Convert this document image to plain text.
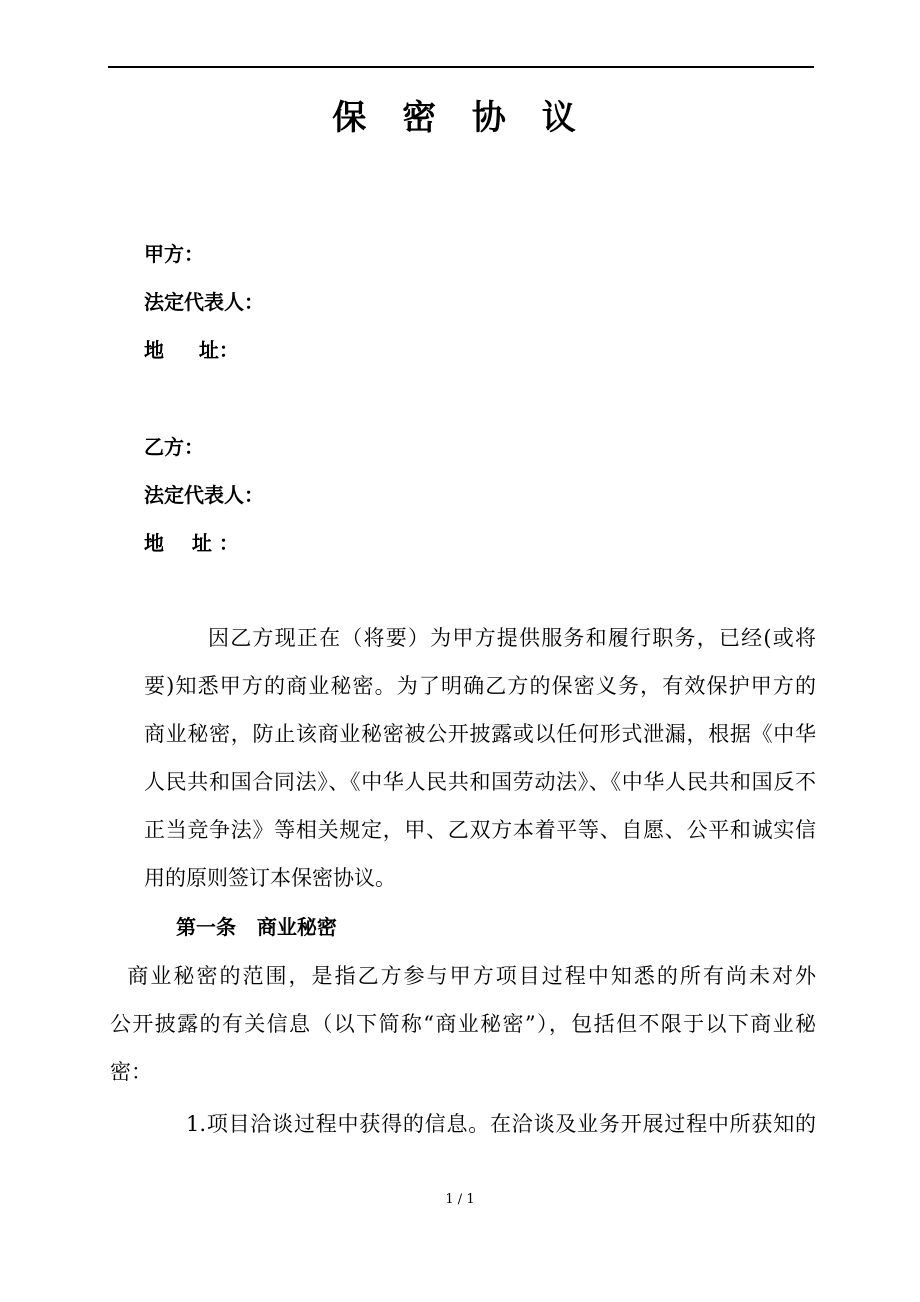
保 密 协 议
甲方：
法定代表人：
地     址：
乙方：
法定代表人：
地    址 ：
因乙方现正在（将要）为甲方提供服务和履行职务，已经(或将
要)知悉甲方的商业秘密。为了明确乙方的保密义务，有效保护甲方的
商业秘密，防止该商业秘密被公开披露或以任何形式泄漏，根据《中华
人民共和国合同法》、《中华人民共和国劳动法》、《中华人民共和国反不
正当竞争法》等相关规定，甲、乙双方本着平等、自愿、公平和诚实信
用的原则签订本保密协议。
第一条   商业秘密
商业秘密的范围，是指乙方参与甲方项目过程中知悉的所有尚未对外
公开披露的有关信息（以下简称“商业秘密”），包括但不限于以下商业秘
密：
1.项目洽谈过程中获得的信息。在洽谈及业务开展过程中所获知的
1 / 1
